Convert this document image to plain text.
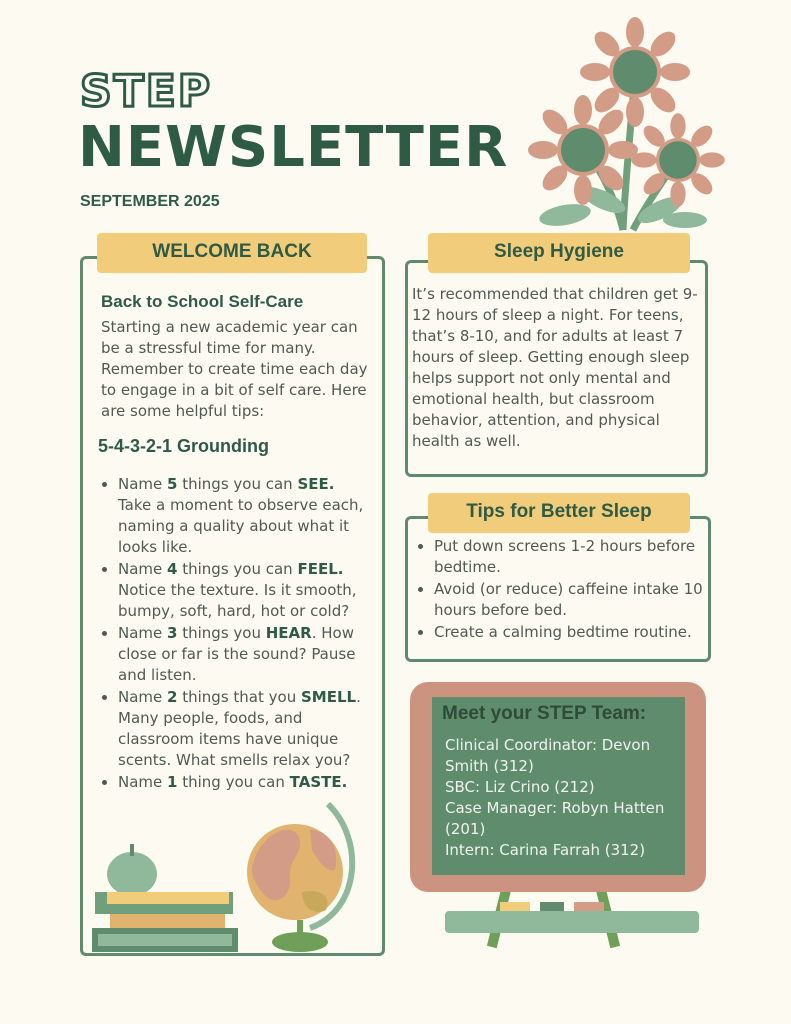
STEP
NEWSLETTER
SEPTEMBER 2025
WELCOME BACK
Back to School Self-Care
Starting a new academic year can be a stressful time for many. Remember to create time each day to engage in a bit of self care. Here are some helpful tips:
5-4-3-2-1 Grounding
• Name 5 things you can SEE. Take a moment to observe each, naming a quality about what it looks like.
• Name 4 things you can FEEL. Notice the texture. Is it smooth, bumpy, soft, hard, hot or cold?
• Name 3 things you HEAR. How close or far is the sound? Pause and listen.
• Name 2 things that you SMELL. Many people, foods, and classroom items have unique scents. What smells relax you?
• Name 1 thing you can TASTE.
Sleep Hygiene
It’s recommended that children get 9-12 hours of sleep a night. For teens, that’s 8-10, and for adults at least 7 hours of sleep. Getting enough sleep helps support not only mental and emotional health, but classroom behavior, attention, and physical health as well.
Tips for Better Sleep
• Put down screens 1-2 hours before bedtime.
• Avoid (or reduce) caffeine intake 10 hours before bed.
• Create a calming bedtime routine.
Meet your STEP Team:
Clinical Coordinator: Devon Smith (312)
SBC: Liz Crino (212)
Case Manager: Robyn Hatten (201)
Intern: Carina Farrah (312)
